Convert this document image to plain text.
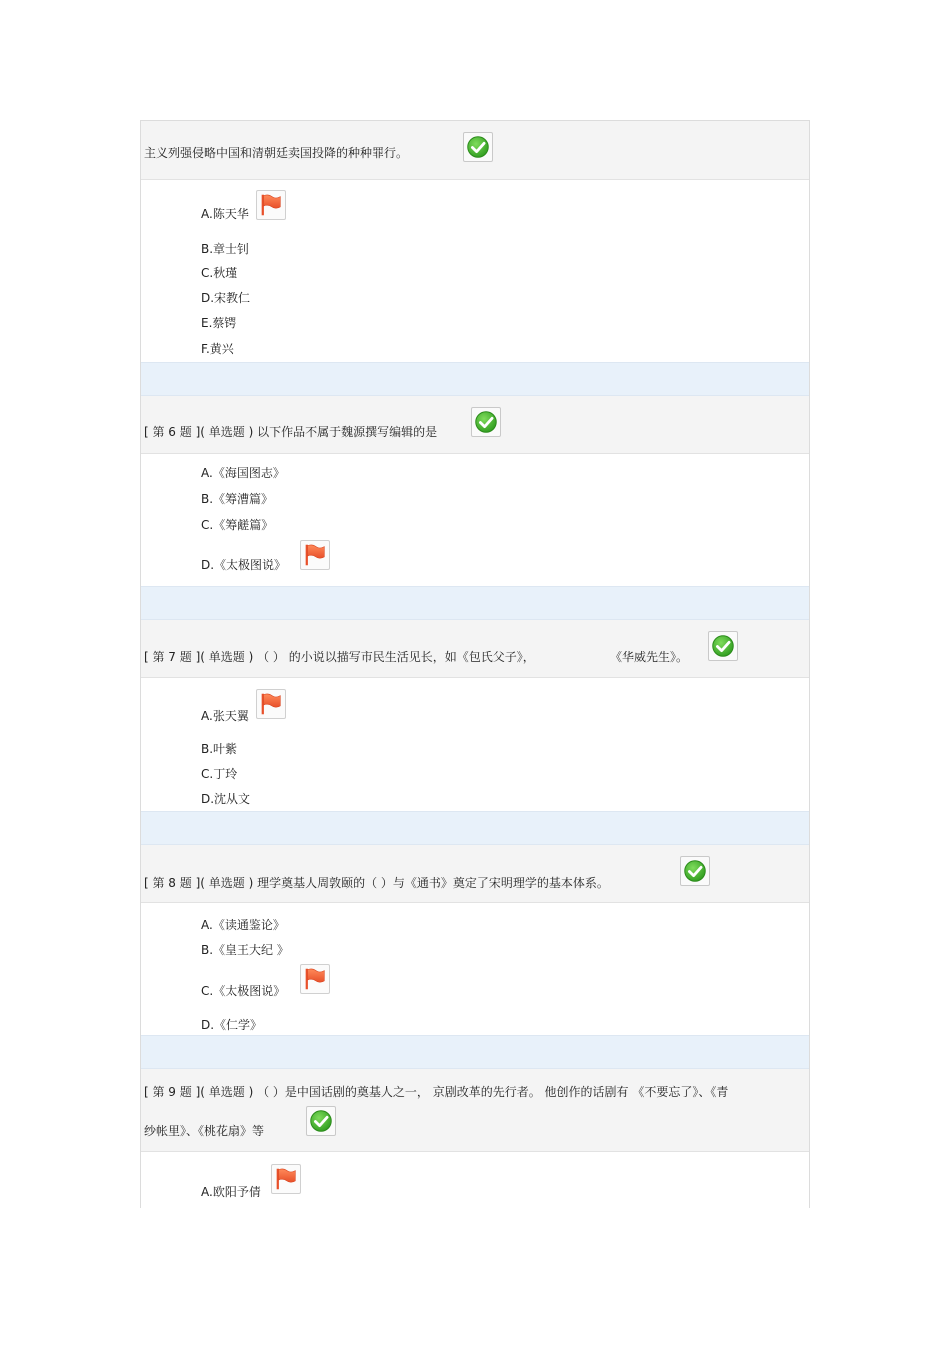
主义列强侵略中国和清朝廷卖国投降的种种罪行。
A.陈天华
B.章士钊
C.秋瑾
D.宋教仁
E.蔡锷
F.黄兴
[ 第 6 题 ]( 单选题 ) 以下作品不属于魏源撰写编辑的是
A.《海国图志》
B.《筹漕篇》
C.《筹鹾篇》
D.《太极图说》
[ 第 7 题 ]( 单选题 ) （ ） 的小说以描写市民生活见长，如《包氏父子》，	《华威先生》。
A.张天翼
B.叶紫
C.丁玲
D.沈从文
[ 第 8 题 ]( 单选题 ) 理学奠基人周敦颐的（ ）与《通书》奠定了宋明理学的基本体系。
A.《读通鉴论》
B.《皇王大纪 》
C.《太极图说》
D.《仁学》
[ 第 9 题 ]( 单选题 ) （ ）是中国话剧的奠基人之一， 京剧改革的先行者。 他创作的话剧有 《不要忘了》、《青
纱帐里》、《桃花扇》等
A.欧阳予倩
